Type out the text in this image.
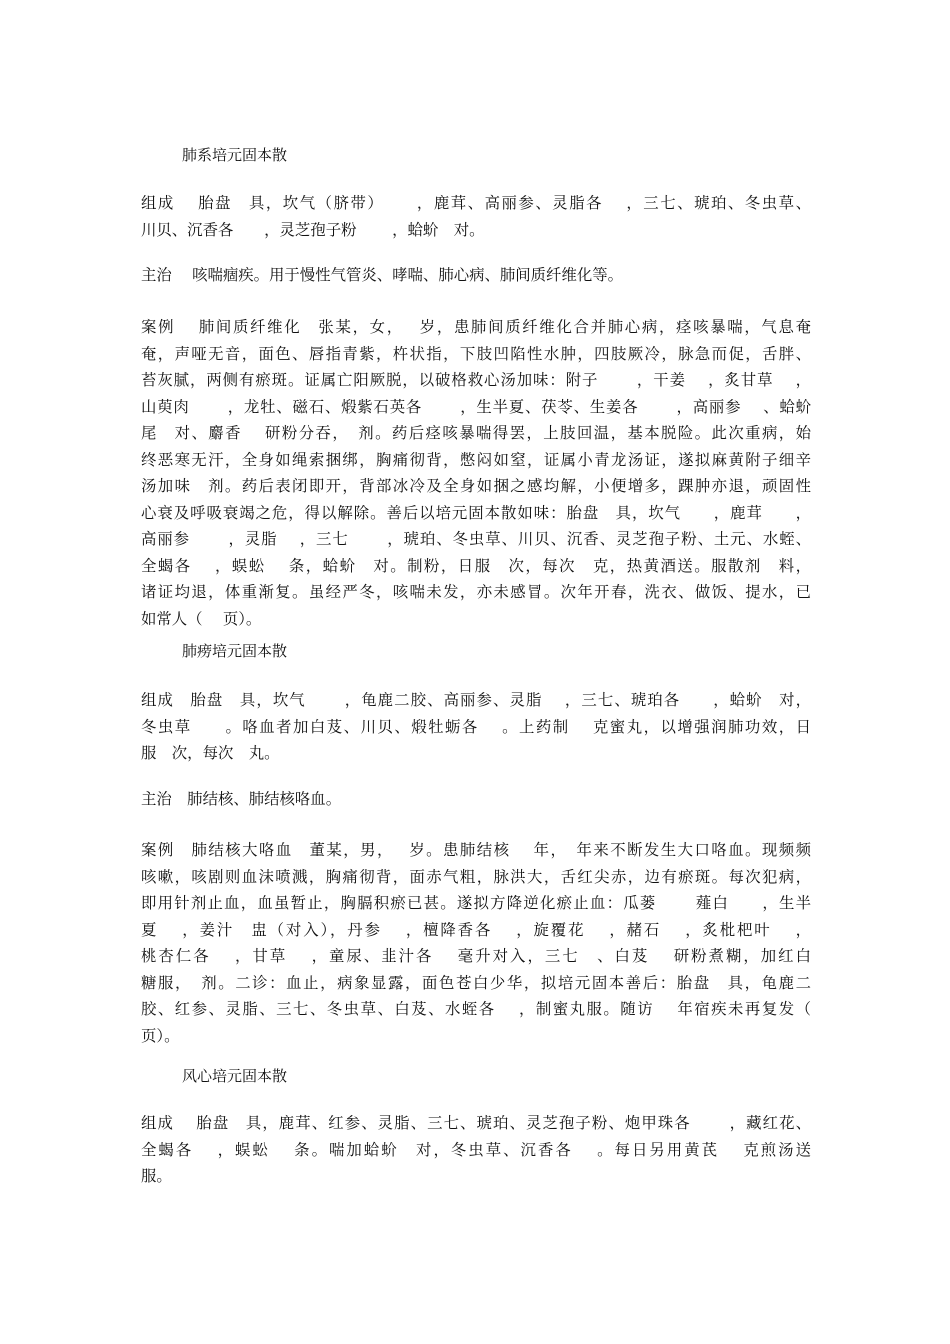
肺系培元固本散
组成　 胎盘　具，坎气（脐带）　　 ，鹿茸、高丽参、灵脂各　 ，三七、琥珀、冬虫草、
川贝、沉香各　　，灵芝孢子粉　　 ，蛤蚧　对。
主治　 咳喘痼疾。用于慢性气管炎、哮喘、肺心病、肺间质纤维化等。
案例　 肺间质纤维化　张某，女，　 岁，患肺间质纤维化合并肺心病，痉咳暴喘，气息奄
奄，声哑无音，面色、唇指青紫，杵状指，下肢凹陷性水肿，四肢厥冷，脉急而促，舌胖、
苔灰腻，两侧有瘀斑。证属亡阳厥脱，以破格救心汤加味：附子　　 ，干姜　 ，炙甘草　 ，
山萸肉　　 ，龙牡、磁石、煅紫石英各　　 ，生半夏、茯苓、生姜各　　 ，高丽参　 、蛤蚧
尾　对、麝香　 研粉分吞，　剂。药后痉咳暴喘得罢，上肢回温，基本脱险。此次重病，始
终恶寒无汗，全身如绳索捆绑，胸痛彻背，憋闷如窒，证属小青龙汤证，遂拟麻黄附子细辛
汤加味　剂。药后表闭即开，背部冰冷及全身如捆之感均解，小便增多，踝肿亦退，顽固性
心衰及呼吸衰竭之危，得以解除。善后以培元固本散如味：胎盘　具，坎气　　，鹿茸　　，
高丽参　　 ，灵脂　 ，三七　　 ，琥珀、冬虫草、川贝、沉香、灵芝孢子粉、土元、水蛭、
全蝎各　 ，蜈蚣　 条，蛤蚧　对。制粉，日服　次，每次　克，热黄酒送。服散剂　料，
诸证均退，体重渐复。虽经严冬，咳喘未发，亦未感冒。次年开春，洗衣、做饭、提水，已
如常人（　 页）。
肺痨培元固本散
组成　胎盘　具，坎气　　 ，龟鹿二胶、高丽参、灵脂　 ，三七、琥珀各　　，蛤蚧　对，
冬虫草　　。咯血者加白芨、川贝、煅牡蛎各　 。上药制　 克蜜丸，以增强润肺功效，日
服　次，每次　丸。
主治　肺结核、肺结核咯血。
案例　肺结核大咯血　董某，男，　 岁。患肺结核　 年，　年来不断发生大口咯血。现频频
咳嗽，咳剧则血沫喷溅，胸痛彻背，面赤气粗，脉洪大，舌红尖赤，边有瘀斑。每次犯病，
即用针剂止血，血虽暂止，胸膈积瘀已甚。遂拟方降逆化瘀止血：瓜蒌　　 薤白　　，生半
夏　 ，姜汁　盅（对入），丹参　 ，檀降香各　 ，旋覆花　 ，赭石　 ，炙枇杷叶　 ，
桃杏仁各　 ，甘草　 ，童尿、韭汁各　 毫升对入，三七　、白芨　 研粉煮糊，加红白
糖服，　剂。二诊：血止，病象显露，面色苍白少华，拟培元固本善后：胎盘　具，龟鹿二
胶、红参、灵脂、三七、冬虫草、白芨、水蛭各　 ，制蜜丸服。随访　 年宿疾未再复发（
页）。
风心培元固本散
组成　 胎盘　具，鹿茸、红参、灵脂、三七、琥珀、灵芝孢子粉、炮甲珠各　　 ，藏红花、
全蝎各　 ，蜈蚣　 条。喘加蛤蚧　对，冬虫草、沉香各　 。每日另用黄芪　 克煎汤送
服。
